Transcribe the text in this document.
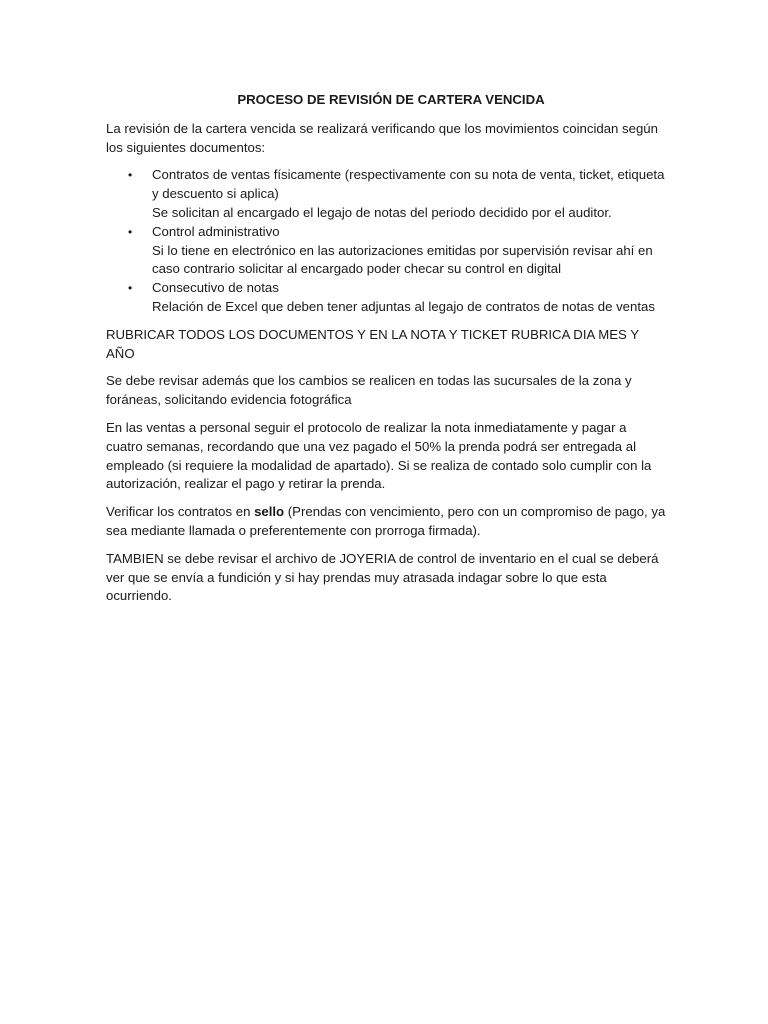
PROCESO DE REVISIÓN DE CARTERA VENCIDA

La revisión de la cartera vencida se realizará verificando que los movimientos coincidan según los siguientes documentos:

• Contratos de ventas físicamente (respectivamente con su nota de venta, ticket, etiqueta y descuento si aplica)
Se solicitan al encargado el legajo de notas del periodo decidido por el auditor.
• Control administrativo
Si lo tiene en electrónico en las autorizaciones emitidas por supervisión revisar ahí en caso contrario solicitar al encargado poder checar su control en digital
• Consecutivo de notas
Relación de Excel que deben tener adjuntas al legajo de contratos de notas de ventas

RUBRICAR TODOS LOS DOCUMENTOS Y EN LA NOTA Y TICKET RUBRICA DIA MES Y AÑO

Se debe revisar además que los cambios se realicen en todas las sucursales de la zona y foráneas, solicitando evidencia fotográfica

En las ventas a personal seguir el protocolo de realizar la nota inmediatamente y pagar a cuatro semanas, recordando que una vez pagado el 50% la prenda podrá ser entregada al empleado (si requiere la modalidad de apartado). Si se realiza de contado solo cumplir con la autorización, realizar el pago y retirar la prenda.

Verificar los contratos en sello (Prendas con vencimiento, pero con un compromiso de pago, ya sea mediante llamada o preferentemente con prorroga firmada).

TAMBIEN se debe revisar el archivo de JOYERIA de control de inventario en el cual se deberá ver que se envía a fundición y si hay prendas muy atrasada indagar sobre lo que esta ocurriendo.
